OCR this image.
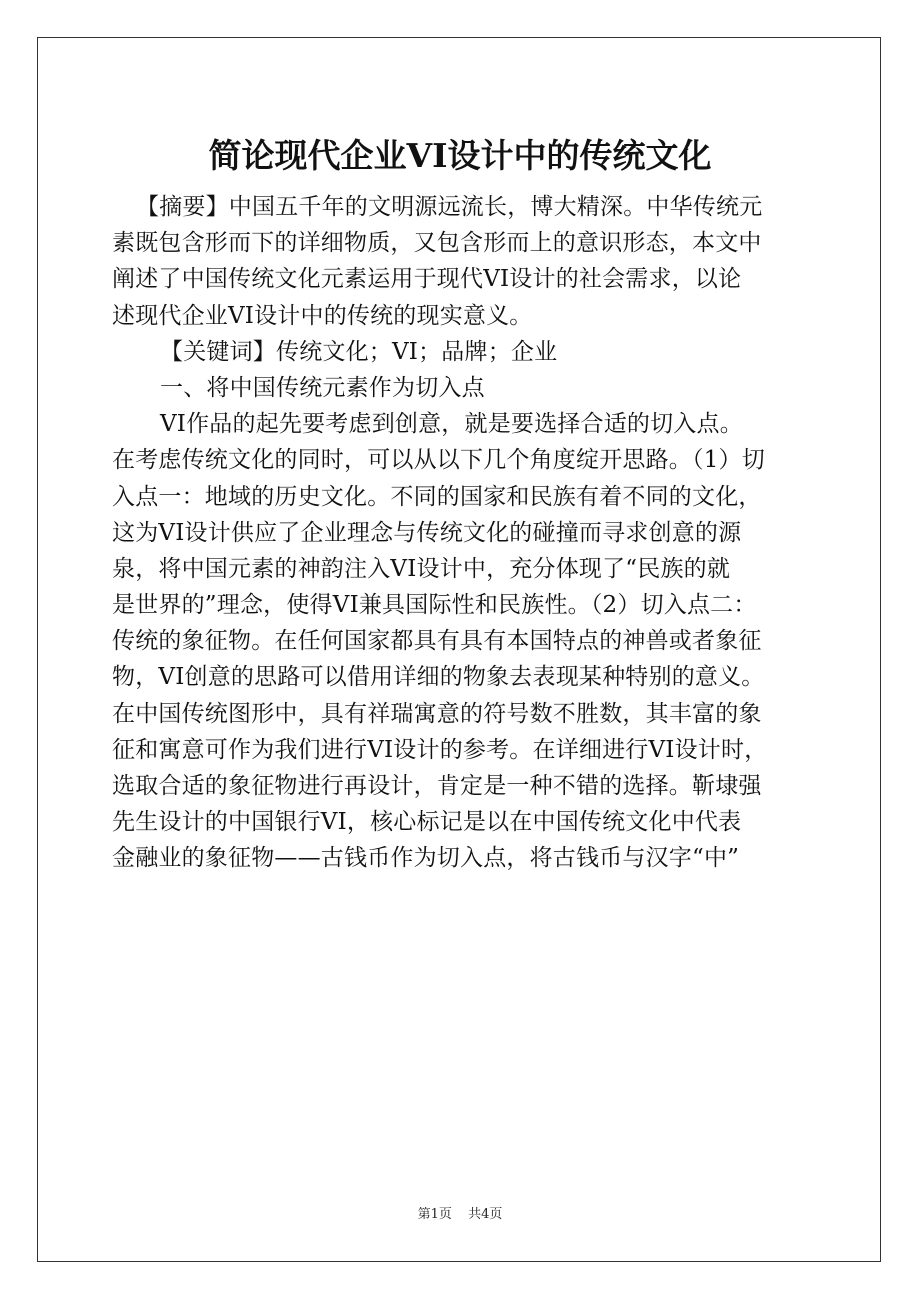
简论现代企业VI设计中的传统文化
【摘要】中国五千年的文明源远流长，博大精深。中华传统元
素既包含形而下的详细物质，又包含形而上的意识形态，本文中
阐述了中国传统文化元素运用于现代VI设计的社会需求，以论
述现代企业VI设计中的传统的现实意义。
【关键词】传统文化；VI；品牌；企业
一、将中国传统元素作为切入点
VI作品的起先要考虑到创意，就是要选择合适的切入点。
在考虑传统文化的同时，可以从以下几个角度绽开思路。（1）切
入点一：地域的历史文化。不同的国家和民族有着不同的文化，
这为VI设计供应了企业理念与传统文化的碰撞而寻求创意的源
泉，将中国元素的神韵注入VI设计中，充分体现了“民族的就
是世界的”理念，使得VI兼具国际性和民族性。（2）切入点二：
传统的象征物。在任何国家都具有具有本国特点的神兽或者象征
物，VI创意的思路可以借用详细的物象去表现某种特别的意义。
在中国传统图形中，具有祥瑞寓意的符号数不胜数，其丰富的象
征和寓意可作为我们进行VI设计的参考。在详细进行VI设计时，
选取合适的象征物进行再设计，肯定是一种不错的选择。靳埭强
先生设计的中国银行VI，核心标记是以在中国传统文化中代表
金融业的象征物——古钱币作为切入点，将古钱币与汉字“中”
第1页 共4页
